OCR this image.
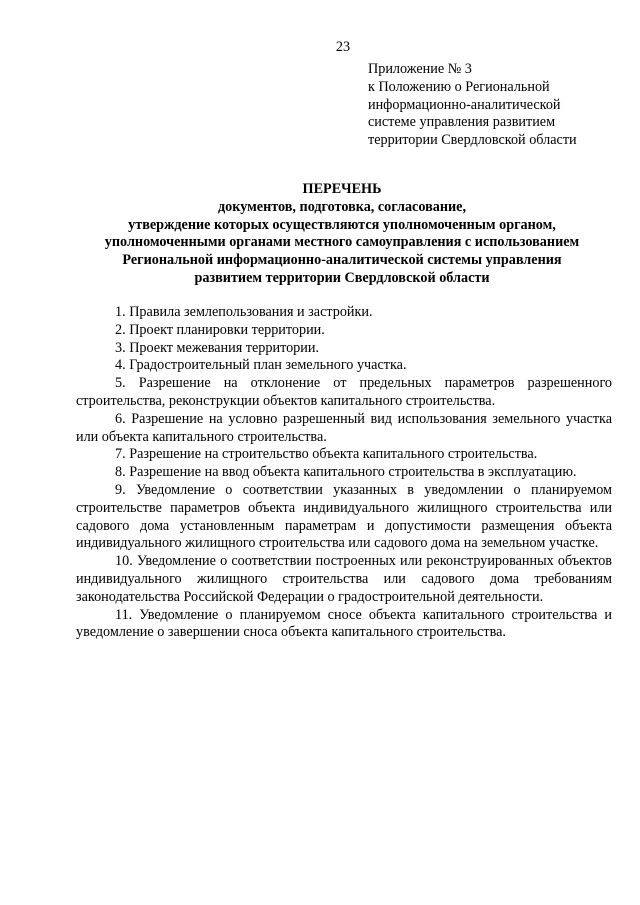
23
Приложение № 3
к Положению о Региональной
информационно-аналитической
системе управления развитием
территории Свердловской области
ПЕРЕЧЕНЬ
документов, подготовка, согласование,
утверждение которых осуществляются уполномоченным органом,
уполномоченными органами местного самоуправления с использованием
Региональной информационно-аналитической системы управления
развитием территории Свердловской области

1. Правила землепользования и застройки.

2. Проект планировки территории.

3. Проект межевания территории.

4. Градостроительный план земельного участка.

5. Разрешение на отклонение от предельных параметров разрешенного строительства, реконструкции объектов капитального строительства.

6. Разрешение на условно разрешенный вид использования земельного участка или объекта капитального строительства.

7. Разрешение на строительство объекта капитального строительства.

8. Разрешение на ввод объекта капитального строительства в эксплуатацию.

9. Уведомление о соответствии указанных в уведомлении о планируемом строительстве параметров объекта индивидуального жилищного строительства или садового дома установленным параметрам и допустимости размещения объекта индивидуального жилищного строительства или садового дома на земельном участке.

10. Уведомление о соответствии построенных или реконструированных объектов индивидуального жилищного строительства или садового дома требованиям законодательства Российской Федерации о градостроительной деятельности.

11. Уведомление о планируемом сносе объекта капитального строительства и уведомление о завершении сноса объекта капитального строительства.
